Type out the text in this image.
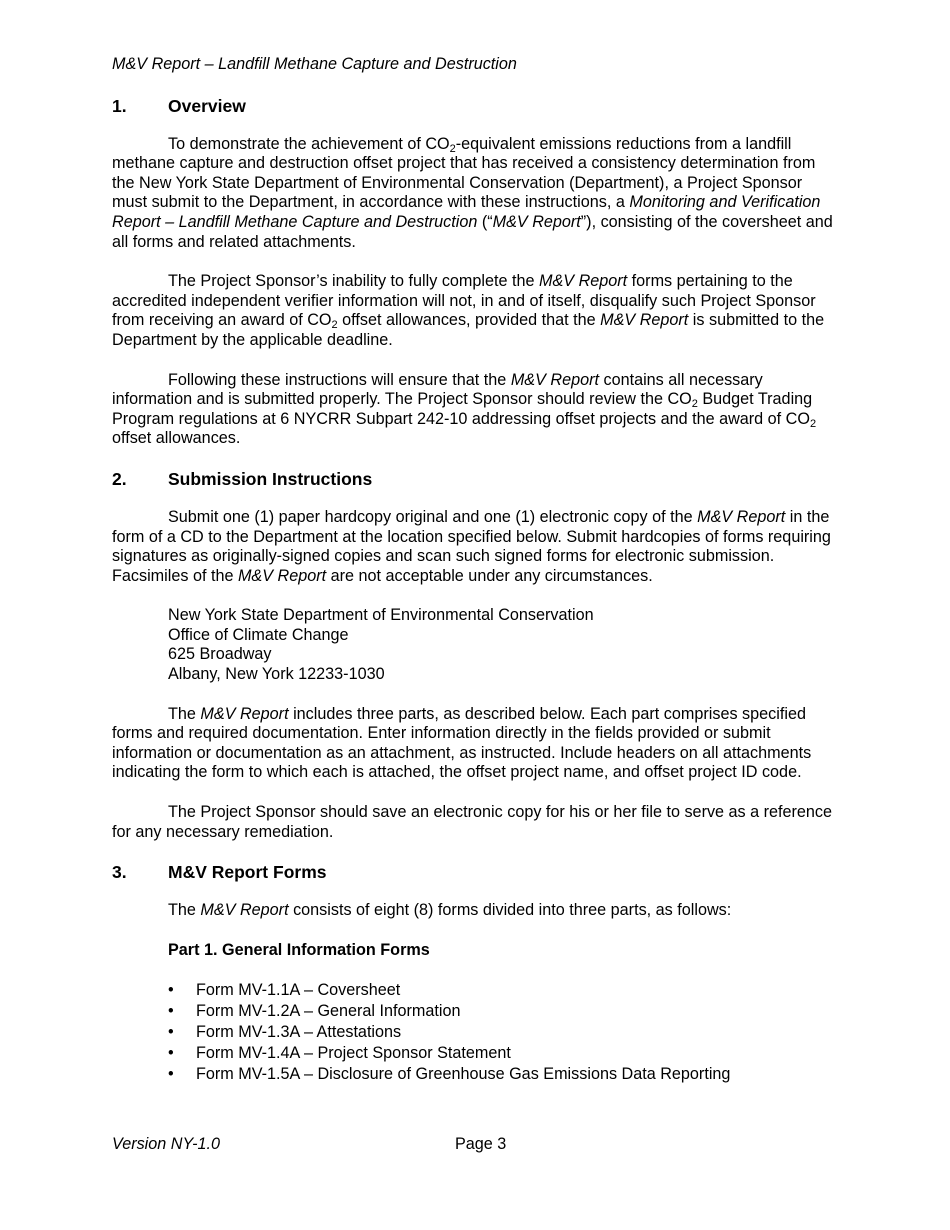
M&V Report – Landfill Methane Capture and Destruction

1. Overview

To demonstrate the achievement of $CO_2$-equivalent emissions reductions from a landfill methane capture and destruction offset project that has received a consistency determination from the New York State Department of Environmental Conservation (Department), a Project Sponsor must submit to the Department, in accordance with these instructions, a Monitoring and Verification Report – Landfill Methane Capture and Destruction (“M&V Report”), consisting of the coversheet and all forms and related attachments.

The Project Sponsor’s inability to fully complete the M&V Report forms pertaining to the accredited independent verifier information will not, in and of itself, disqualify such Project Sponsor from receiving an award of $CO_2$ offset allowances, provided that the M&V Report is submitted to the Department by the applicable deadline.

Following these instructions will ensure that the M&V Report contains all necessary information and is submitted properly. The Project Sponsor should review the $CO_2$ Budget Trading Program regulations at 6 NYCRR Subpart 242-10 addressing offset projects and the award of $CO_2$ offset allowances.

2. Submission Instructions

Submit one (1) paper hardcopy original and one (1) electronic copy of the M&V Report in the form of a CD to the Department at the location specified below. Submit hardcopies of forms requiring signatures as originally-signed copies and scan such signed forms for electronic submission. Facsimiles of the M&V Report are not acceptable under any circumstances.

New York State Department of Environmental Conservation
Office of Climate Change
625 Broadway
Albany, New York 12233-1030

The M&V Report includes three parts, as described below. Each part comprises specified forms and required documentation. Enter information directly in the fields provided or submit information or documentation as an attachment, as instructed. Include headers on all attachments indicating the form to which each is attached, the offset project name, and offset project ID code.

The Project Sponsor should save an electronic copy for his or her file to serve as a reference for any necessary remediation.

3. M&V Report Forms

The M&V Report consists of eight (8) forms divided into three parts, as follows:

Part 1. General Information Forms

• Form MV-1.1A – Coversheet
• Form MV-1.2A – General Information
• Form MV-1.3A – Attestations
• Form MV-1.4A – Project Sponsor Statement
• Form MV-1.5A – Disclosure of Greenhouse Gas Emissions Data Reporting
Version NY-1.0	Page 3
